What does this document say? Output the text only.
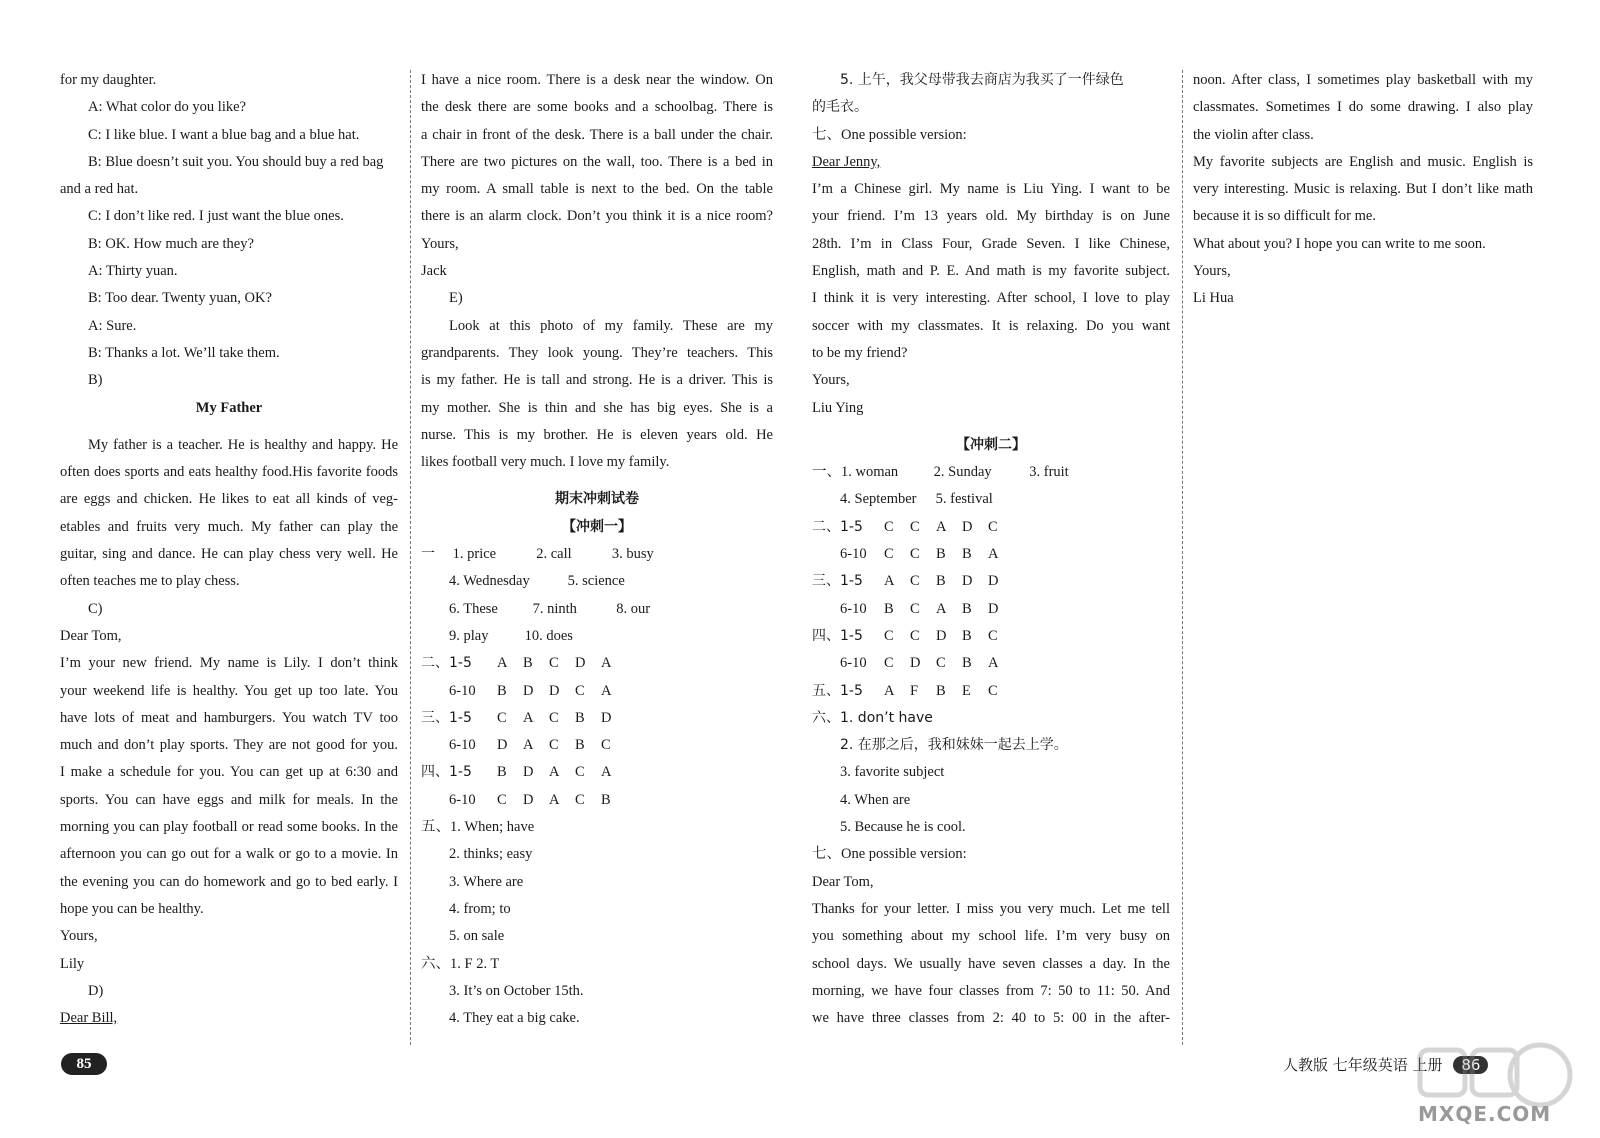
for my daughter.
A: What color do you like?
C: I like blue. I want a blue bag and a blue hat.
B: Blue doesn’t suit you. You should buy a red bag
and a red hat.
C: I don’t like red. I just want the blue ones.
B: OK. How much are they?
A: Thirty yuan.
B: Too dear. Twenty yuan, OK?
A: Sure.
B: Thanks a lot. We’ll take them.
B)
My Father
My father is a teacher. He is healthy and happy. He
often does sports and eats healthy food.His favorite foods
are eggs and chicken. He likes to eat all kinds of veg-
etables and fruits very much. My father can play the
guitar, sing and dance. He can play chess very well. He
often teaches me to play chess.
C)
Dear Tom,
I’m your new friend. My name is Lily. I don’t think
your weekend life is healthy. You get up too late. You
have lots of meat and hamburgers. You watch TV too
much and don’t play sports. They are not good for you.
I make a schedule for you. You can get up at 6:30 and
sports. You can have eggs and milk for meals. In the
morning you can play football or read some books. In the
afternoon you can go out for a walk or go to a movie. In
the evening you can do homework and go to bed early. I
hope you can be healthy.
Yours,
Lily
D)
Dear Bill,
I have a nice room. There is a desk near the window. On
the desk there are some books and a schoolbag. There is
a chair in front of the desk. There is a ball under the chair.
There are two pictures on the wall, too. There is a bed in
my room. A small table is next to the bed. On the table
there is an alarm clock. Don’t you think it is a nice room?
Yours,
Jack
E)
Look at this photo of my family. These are my
grandparents. They look young. They’re teachers. This
is my father. He is tall and strong. He is a driver. This is
my mother. She is thin and she has big eyes. She is a
nurse. This is my brother. He is eleven years old. He
likes football very much. I love my family.
期末冲刺试卷
【冲刺一】
一 1. price	2. call	3. busy
4. Wednesday	5. science
6. These 7. ninth	8. our
9. play 10. does
二、1-5 A B C D A
6-10 B D D C A
三、1-5 C A C B D
6-10 D A C B C
四、1-5 B D A C A
6-10 C D A C B
五、1. When; have
2. thinks; easy
3. Where are
4. from; to
5. on sale
六、1. F 2. T
3. It’s on October 15th.
4. They eat a big cake.
5. 上午，我父母带我去商店为我买了一件绿色
的毛衣。
七、One possible version:
Dear Jenny,
I’m a Chinese girl. My name is Liu Ying. I want to be
your friend. I’m 13 years old. My birthday is on June
28th. I’m in Class Four, Grade Seven. I like Chinese,
English, math and P. E. And math is my favorite subject.
I think it is very interesting. After school, I love to play
soccer with my classmates. It is relaxing. Do you want
to be my friend?
Yours,
Liu Ying
【冲刺二】
一、1. woman 2. Sunday	3. fruit
4. September 5. festival
二、1-5 C C A D C
6-10 C C B B A
三、1-5 A C B D D
6-10 B C A B D
四、1-5 C C D B C
6-10 C D C B A
五、1-5 A F B E C
六、1. don’t have
2. 在那之后，我和妹妹一起去上学。
3. favorite subject
4. When are
5. Because he is cool.
七、One possible version:
Dear Tom,
Thanks for your letter. I miss you very much. Let me tell
you something about my school life. I’m very busy on
school days. We usually have seven classes a day. In the
morning, we have four classes from 7: 50 to 11: 50. And
we have three classes from 2: 40 to 5: 00 in the after-
noon. After class, I sometimes play basketball with my
classmates. Sometimes I do some drawing. I also play
the violin after class.
My favorite subjects are English and music. English is
very interesting. Music is relaxing. But I don’t like math
because it is so difficult for me.
What about you? I hope you can write to me soon.
Yours,
Li Hua
85	人教版 七年级英语 上册 86
MXQE.COM
